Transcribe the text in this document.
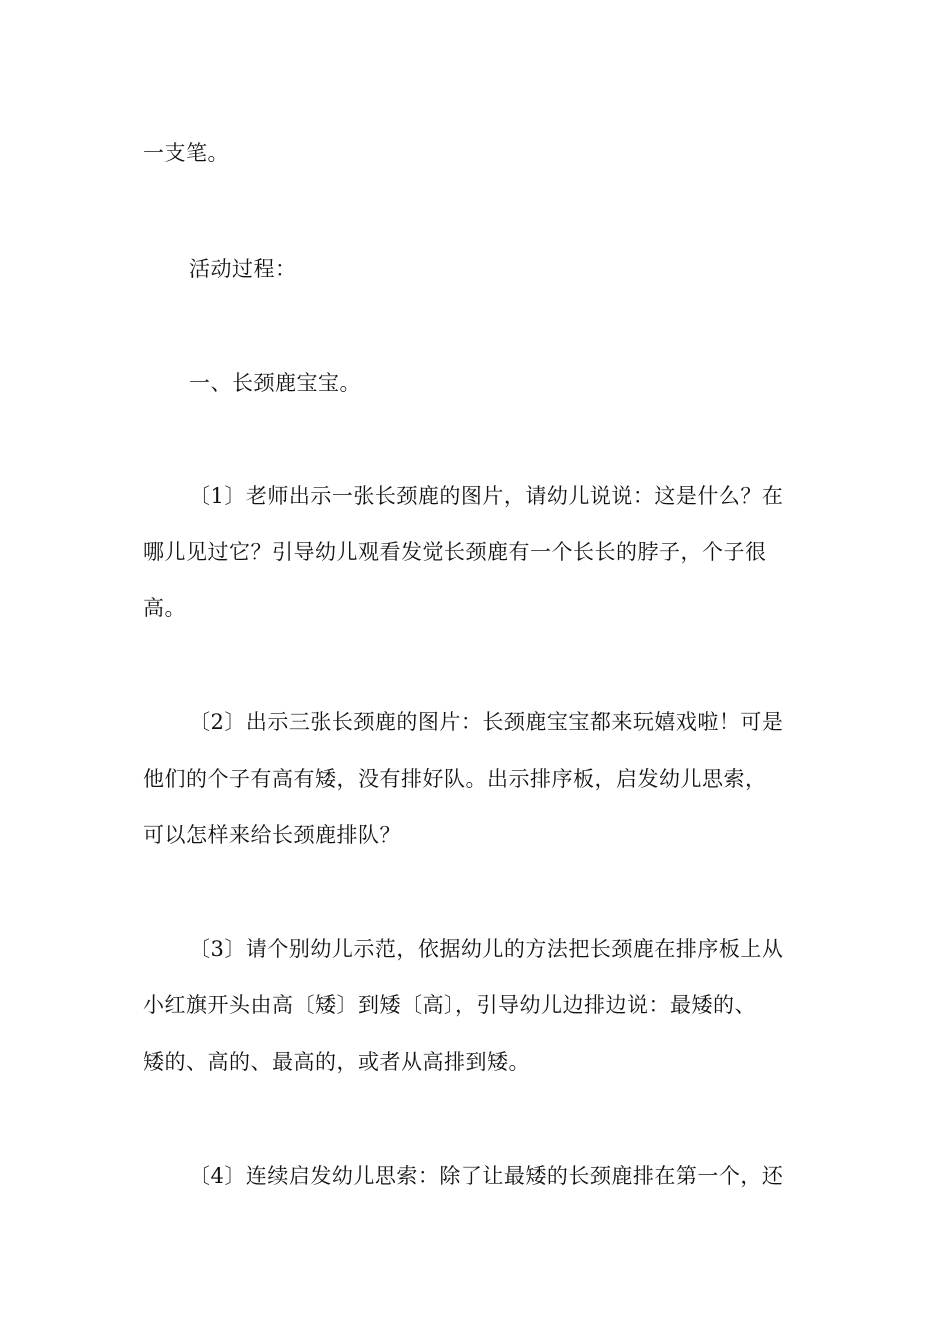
一支笔。
活动过程：
一、长颈鹿宝宝。
〔1〕老师出示一张长颈鹿的图片，请幼儿说说：这是什么？在
哪儿见过它？引导幼儿观看发觉长颈鹿有一个长长的脖子，个子很
高。
〔2〕出示三张长颈鹿的图片：长颈鹿宝宝都来玩嬉戏啦！可是
他们的个子有高有矮，没有排好队。出示排序板，启发幼儿思索，
可以怎样来给长颈鹿排队？
〔3〕请个别幼儿示范，依据幼儿的方法把长颈鹿在排序板上从
小红旗开头由高〔矮〕到矮〔高〕，引导幼儿边排边说：最矮的、
矮的、高的、最高的，或者从高排到矮。
〔4〕连续启发幼儿思索：除了让最矮的长颈鹿排在第一个，还
